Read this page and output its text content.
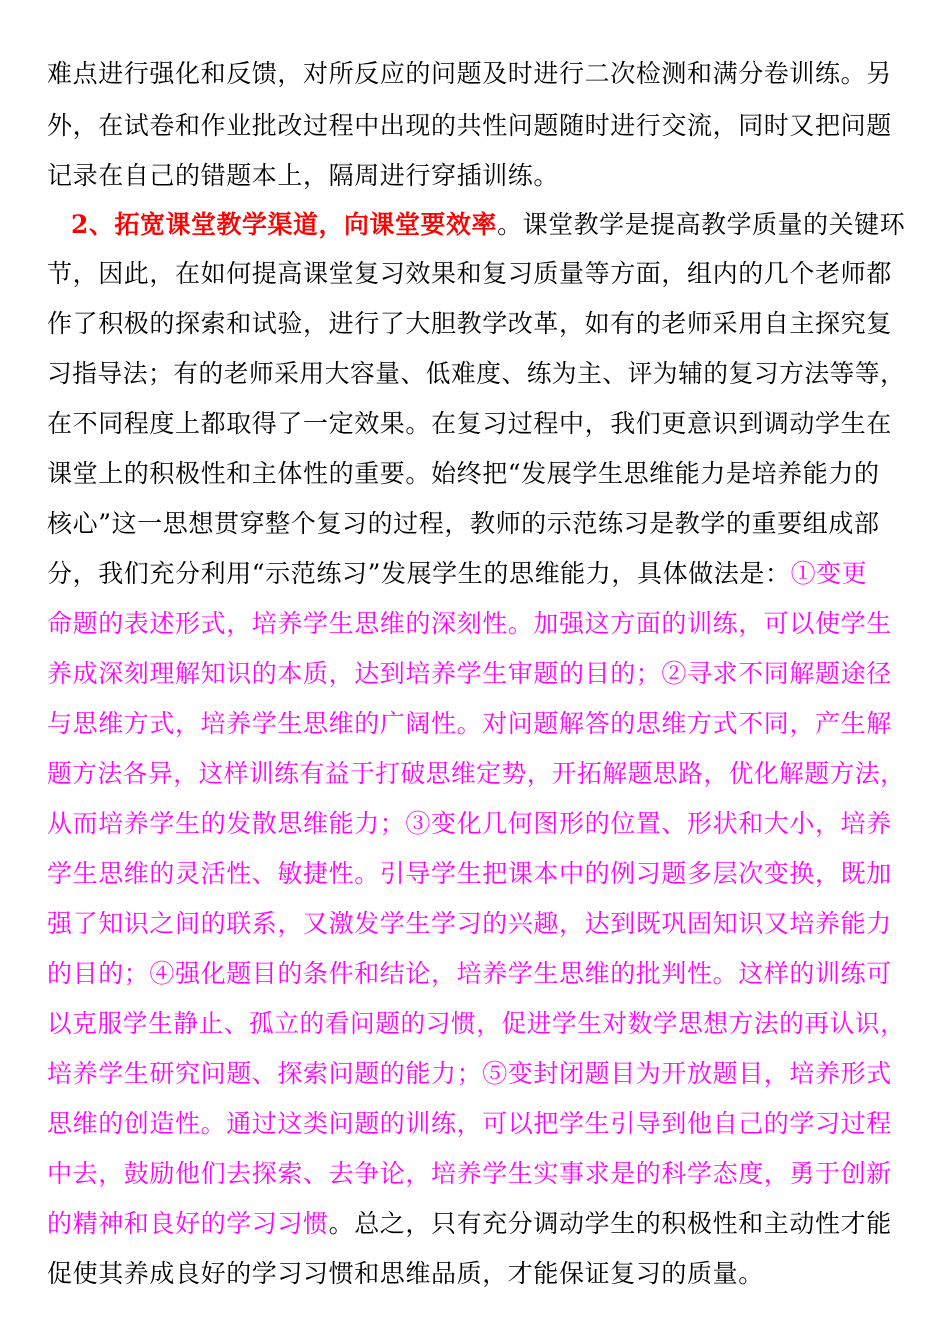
难点进行强化和反馈，对所反应的问题及时进行二次检测和满分卷训练。另
外，在试卷和作业批改过程中出现的共性问题随时进行交流，同时又把问题
记录在自己的错题本上，隔周进行穿插训练。
2、拓宽课堂教学渠道，向课堂要效率。课堂教学是提高教学质量的关键环
节，因此，在如何提高课堂复习效果和复习质量等方面，组内的几个老师都
作了积极的探索和试验，进行了大胆教学改革，如有的老师采用自主探究复
习指导法；有的老师采用大容量、低难度、练为主、评为辅的复习方法等等，
在不同程度上都取得了一定效果。在复习过程中，我们更意识到调动学生在
课堂上的积极性和主体性的重要。始终把“发展学生思维能力是培养能力的
核心”这一思想贯穿整个复习的过程，教师的示范练习是教学的重要组成部
分，我们充分利用“示范练习”发展学生的思维能力，具体做法是：①变更
命题的表述形式，培养学生思维的深刻性。加强这方面的训练，可以使学生
养成深刻理解知识的本质，达到培养学生审题的目的；②寻求不同解题途径
与思维方式，培养学生思维的广阔性。对问题解答的思维方式不同，产生解
题方法各异，这样训练有益于打破思维定势，开拓解题思路，优化解题方法，
从而培养学生的发散思维能力；③变化几何图形的位置、形状和大小，培养
学生思维的灵活性、敏捷性。引导学生把课本中的例习题多层次变换，既加
强了知识之间的联系，又激发学生学习的兴趣，达到既巩固知识又培养能力
的目的；④强化题目的条件和结论，培养学生思维的批判性。这样的训练可
以克服学生静止、孤立的看问题的习惯，促进学生对数学思想方法的再认识，
培养学生研究问题、探索问题的能力；⑤变封闭题目为开放题目，培养形式
思维的创造性。通过这类问题的训练，可以把学生引导到他自己的学习过程
中去，鼓励他们去探索、去争论，培养学生实事求是的科学态度，勇于创新
的精神和良好的学习习惯。总之，只有充分调动学生的积极性和主动性才能
促使其养成良好的学习习惯和思维品质，才能保证复习的质量。
